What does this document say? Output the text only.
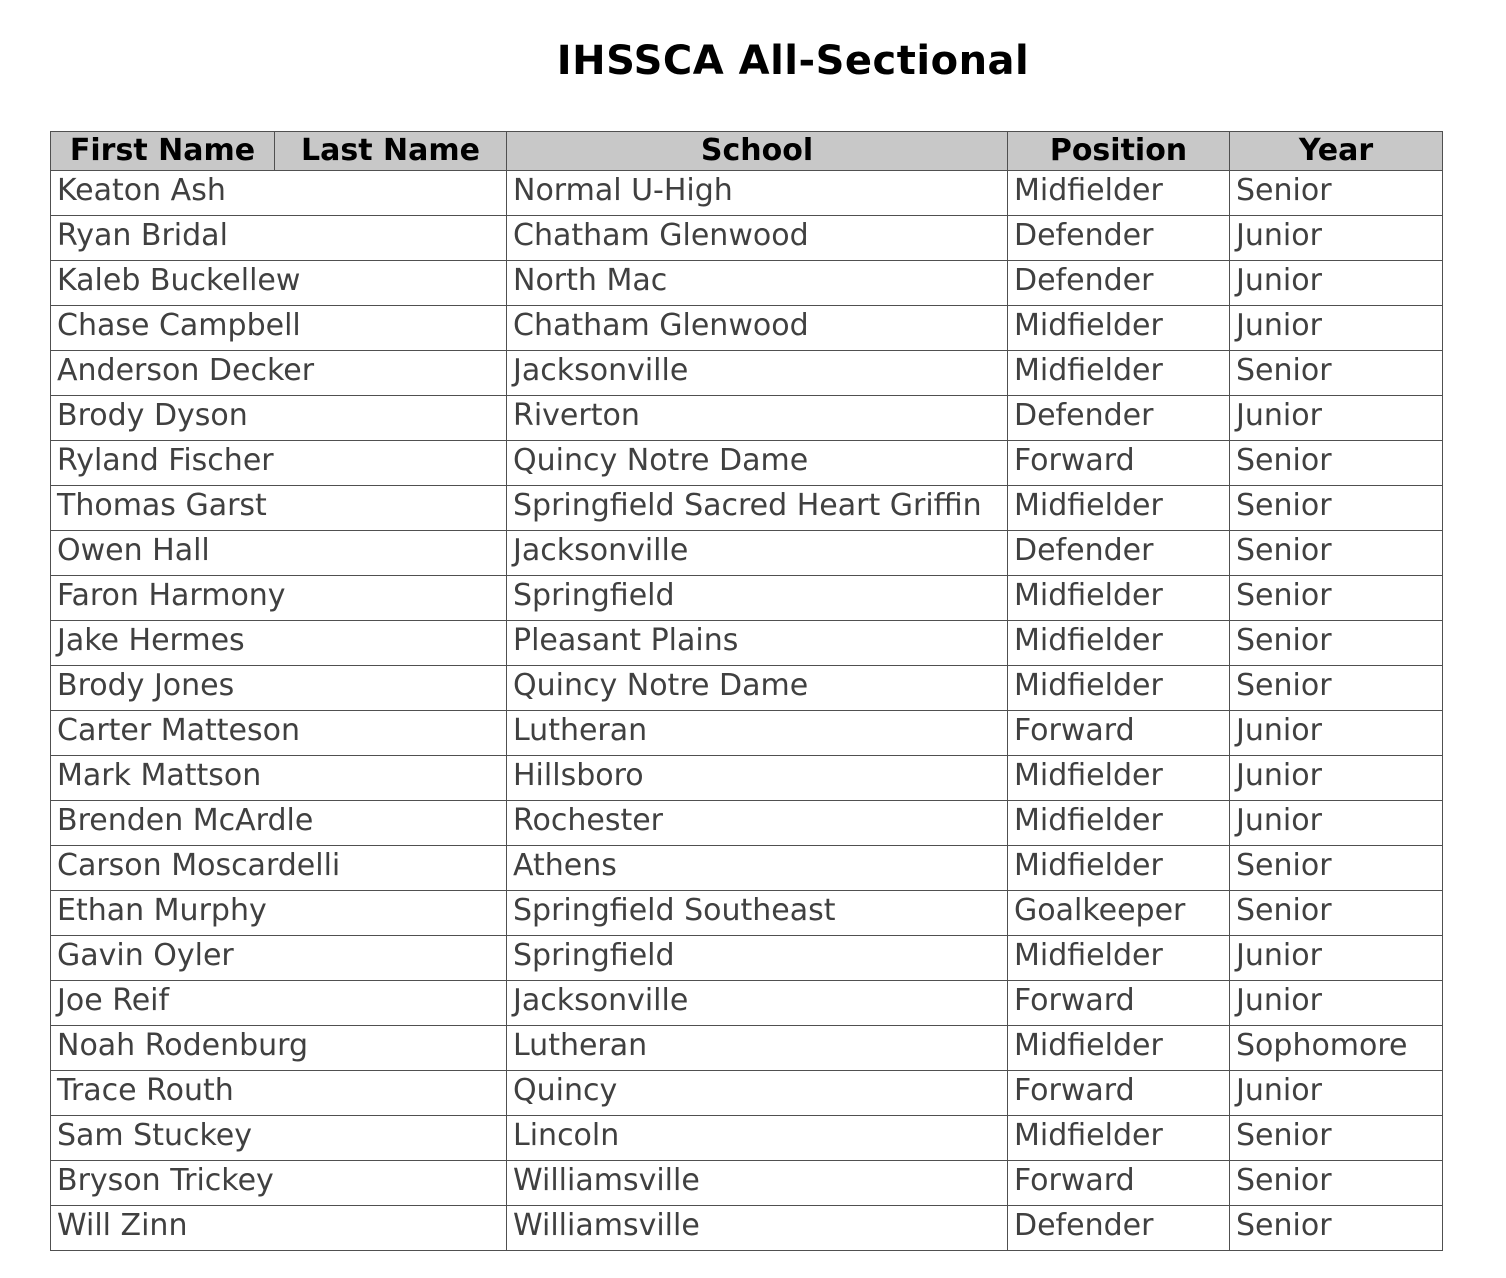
IHSSCA All-Sectional
First Name	Last Name	School	Position	Year
Keaton Ash		Normal U-High	Midfielder	Senior
Ryan Bridal		Chatham Glenwood	Defender	Junior
Kaleb Buckellew		North Mac	Defender	Junior
Chase Campbell		Chatham Glenwood	Midfielder	Junior
Anderson Decker		Jacksonville	Midfielder	Senior
Brody Dyson		Riverton	Defender	Junior
Ryland Fischer		Quincy Notre Dame	Forward	Senior
Thomas Garst		Springfield Sacred Heart Griffin	Midfielder	Senior
Owen Hall		Jacksonville	Defender	Senior
Faron Harmony		Springfield	Midfielder	Senior
Jake Hermes		Pleasant Plains	Midfielder	Senior
Brody Jones		Quincy Notre Dame	Midfielder	Senior
Carter Matteson		Lutheran	Forward	Junior
Mark Mattson		Hillsboro	Midfielder	Junior
Brenden McArdle		Rochester	Midfielder	Junior
Carson Moscardelli		Athens	Midfielder	Senior
Ethan Murphy		Springfield Southeast	Goalkeeper	Senior
Gavin Oyler		Springfield	Midfielder	Junior
Joe Reif		Jacksonville	Forward	Junior
Noah Rodenburg		Lutheran	Midfielder	Sophomore
Trace Routh		Quincy	Forward	Junior
Sam Stuckey		Lincoln	Midfielder	Senior
Bryson Trickey		Williamsville	Forward	Senior
Will Zinn		Williamsville	Defender	Senior
